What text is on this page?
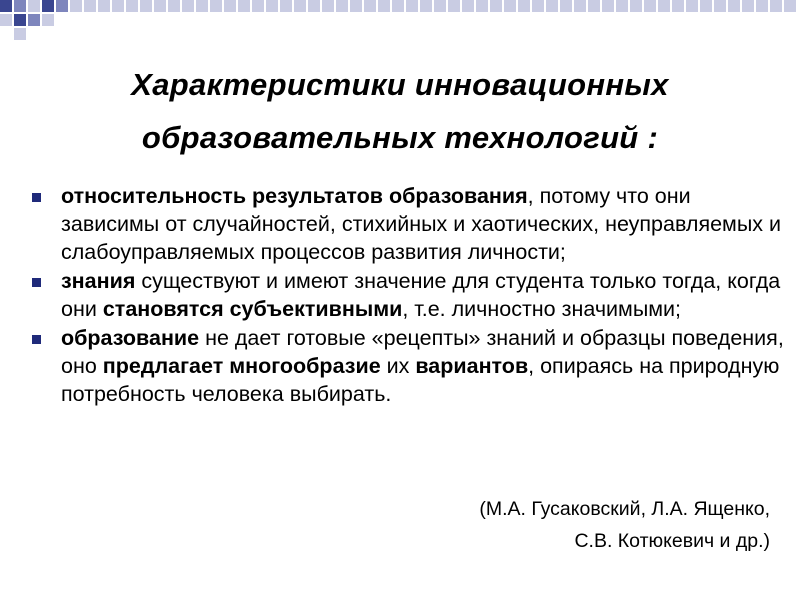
Характеристики инновационных
образовательных технологий :
относительность результатов образования, потому что они зависимы от случайностей, стихийных и хаотических, неуправляемых и слабоуправляемых процессов развития личности;
знания существуют и имеют значение для студента только тогда, когда они становятся субъективными, т.е. личностно значимыми;
образование не дает готовые «рецепты» знаний и образцы поведения, оно предлагает многообразие их вариантов, опираясь на природную потребность человека выбирать.
(М.А. Гусаковский, Л.А. Ященко,
С.В. Котюкевич и др.)
